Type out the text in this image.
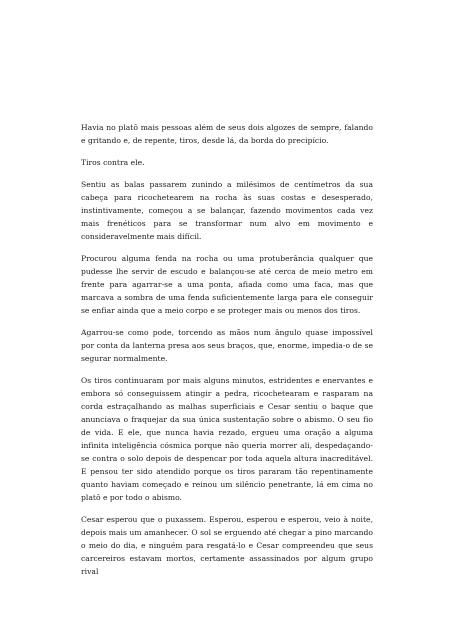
Havia no platô mais pessoas além de seus dois algozes de sempre, falando e gritando e, de repente, tiros, desde lá, da borda do precipício.

Tiros contra ele.

Sentiu as balas passarem zunindo a milésimos de centímetros da sua cabeça para ricochetearem na rocha às suas costas e desesperado, instintivamente, começou a se balançar, fazendo movimentos cada vez mais frenéticos para se transformar num alvo em movimento e consideravelmente mais difícil.

Procurou alguma fenda na rocha ou uma protuberância qualquer que pudesse lhe servir de escudo e balançou-se até cerca de meio metro em frente para agarrar-se a uma ponta, afiada como uma faca, mas que marcava a sombra de uma fenda suficientemente larga para ele conseguir se enfiar ainda que a meio corpo e se proteger mais ou menos dos tiros.

Agarrou-se como pode, torcendo as mãos num ângulo quase impossível por conta da lanterna presa aos seus braços, que, enorme, impedia-o de se segurar normalmente.

Os tiros continuaram por mais alguns minutos, estridentes e enervantes e embora só conseguissem atingir a pedra, ricochetearam e rasparam na corda estraçalhando as malhas superficiais e Cesar sentiu o baque que anunciava o fraquejar da sua única sustentação sobre o abismo. O seu fio de vida. E ele, que nunca havia rezado, ergueu uma oração a alguma infinita inteligência cósmica porque não queria morrer ali, despedaçando-se contra o solo depois de despencar por toda aquela altura inacreditável. E pensou ter sido atendido porque os tiros pararam tão repentinamente quanto haviam começado e reinou um silêncio penetrante, lá em cima no platô e por todo o abismo.

Cesar esperou que o puxassem. Esperou, esperou e esperou, veio à noite, depois mais um amanhecer. O sol se erguendo até chegar a pino marcando o meio do dia, e ninguém para resgatá-lo e Cesar compreendeu que seus carcereiros estavam mortos, certamente assassinados por algum grupo rival
